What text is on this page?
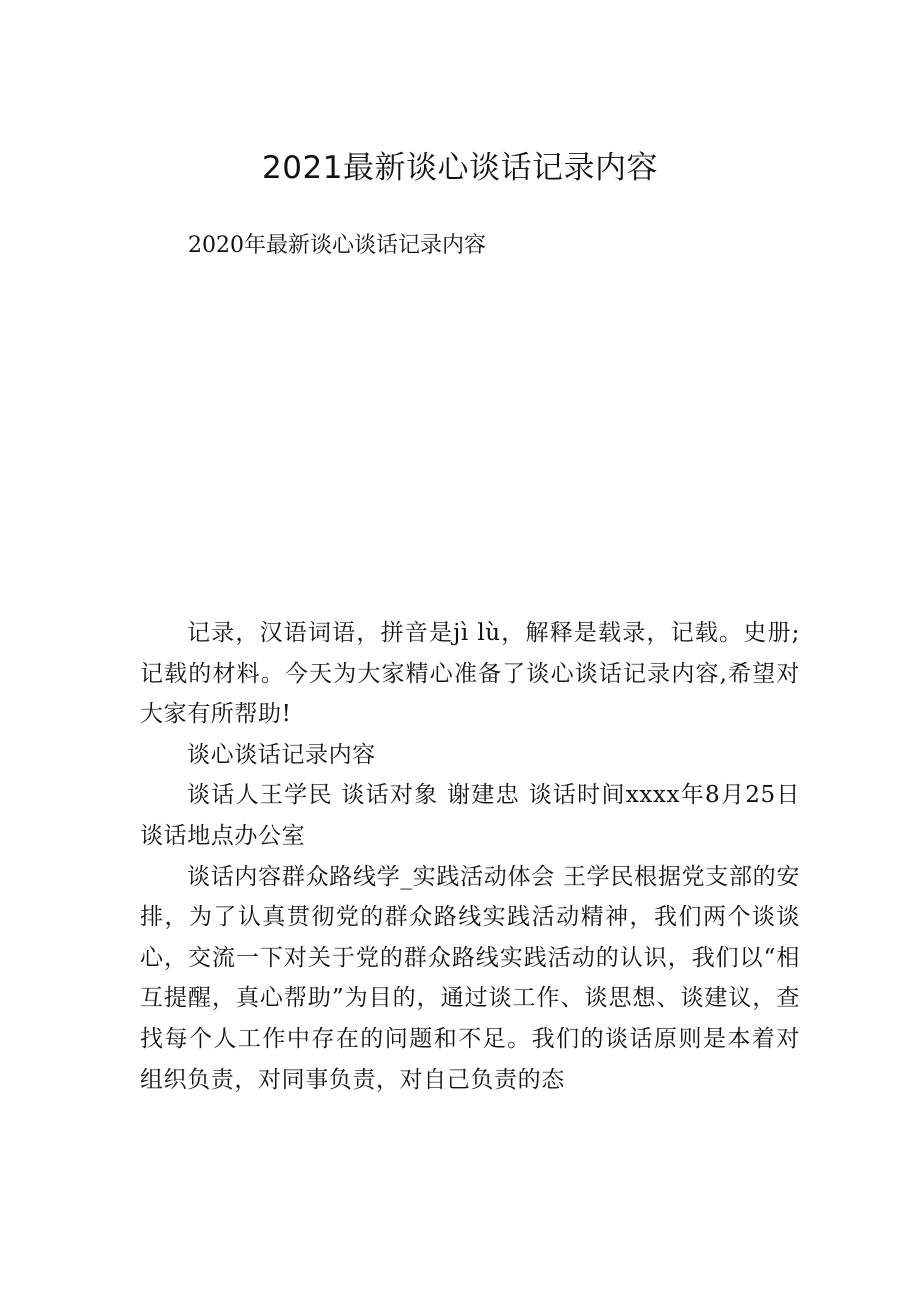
2021最新谈心谈话记录内容

2020年最新谈心谈话记录内容

记录，汉语词语，拼音是jì lù，解释是载录，记载。史册;记载的材料。今天为大家精心准备了谈心谈话记录内容,希望对大家有所帮助!

谈心谈话记录内容

谈话人王学民 谈话对象 谢建忠 谈话时间xxxx年8月25日 谈话地点办公室

谈话内容群众路线学_实践活动体会 王学民根据党支部的安排，为了认真贯彻党的群众路线实践活动精神，我们两个谈谈心，交流一下对关于党的群众路线实践活动的认识，我们以“相互提醒，真心帮助”为目的，通过谈工作、谈思想、谈建议，查找每个人工作中存在的问题和不足。我们的谈话原则是本着对组织负责，对同事负责，对自己负责的态
